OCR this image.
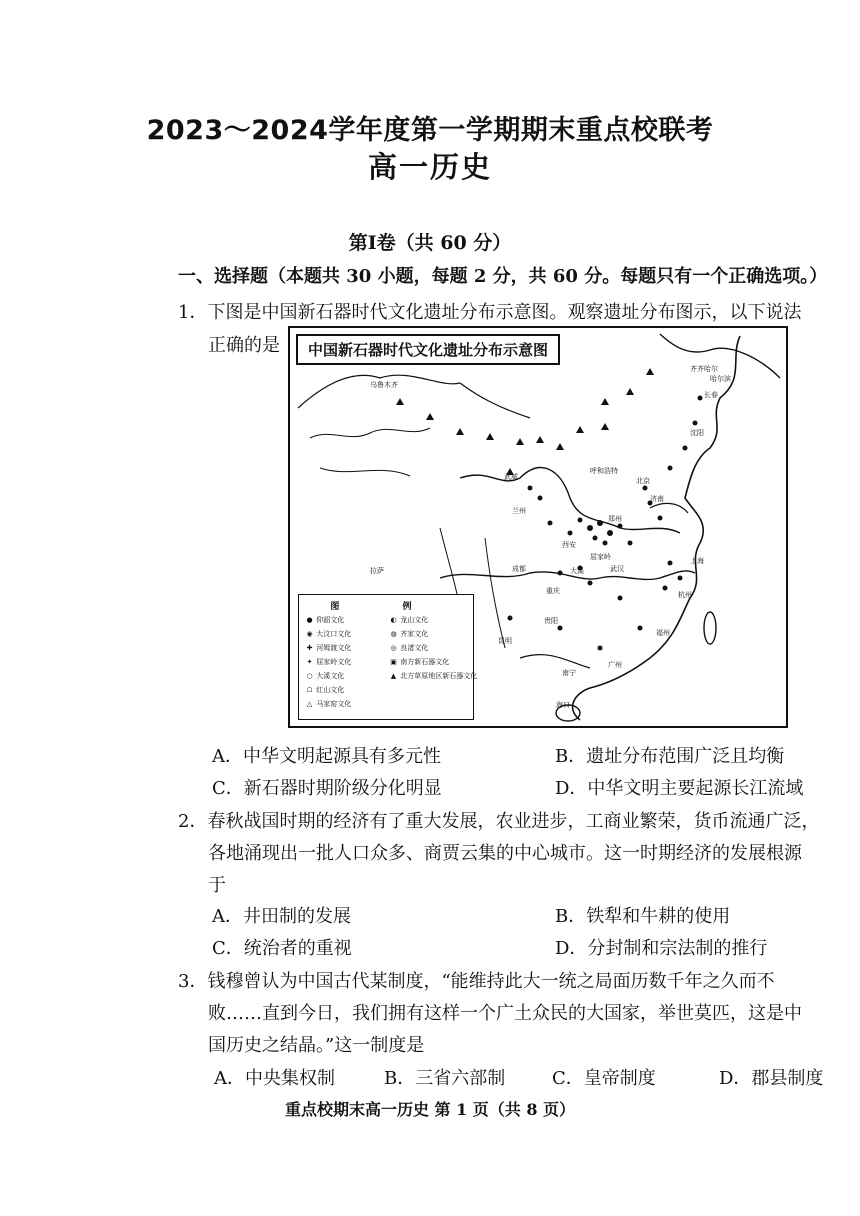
2023～2024学年度第一学期期末重点校联考
高一历史
第Ⅰ卷（共 60 分）
一、选择题（本题共 30 小题，每题 2 分，共 60 分。每题只有一个正确选项。）
1．下图是中国新石器时代文化遗址分布示意图。观察遗址分布图示，以下说法
正确的是	中国新石器时代文化遗址分布示意图
乌鲁木齐
齐齐哈尔
哈尔滨
长春
沈阳
呼和浩特
北京
武威
兰州
西安
郑州
济南
上海
杭州
成都
重庆
武汉
昆明
贵阳
广州
南宁
福州
海口
拉萨	大溪
屈家岭
图 例
● 仰韶文化	◐ 龙山文化
◉ 大汶口文化	◍ 齐家文化
✚ 河姆渡文化	◎ 良渚文化
✦ 屈家岭文化	▣ 南方新石器文化
○ 大溪文化	▲ 北方草原地区新石器文化
☖ 红山文化
△ 马家窑文化
A．中华文明起源具有多元性	B．遗址分布范围广泛且均衡
C．新石器时期阶级分化明显	D．中华文明主要起源长江流域
2．春秋战国时期的经济有了重大发展，农业进步，工商业繁荣，货币流通广泛，
各地涌现出一批人口众多、商贾云集的中心城市。这一时期经济的发展根源
于
A．井田制的发展	B．铁犁和牛耕的使用
C．统治者的重视	D．分封制和宗法制的推行
3．钱穆曾认为中国古代某制度，“能维持此大一统之局面历数千年之久而不
败……直到今日，我们拥有这样一个广土众民的大国家，举世莫匹，这是中
国历史之结晶。”这一制度是
A．中央集权制	B．三省六部制	C．皇帝制度	D．郡县制度
重点校期末高一历史 第 1 页（共 8 页）
